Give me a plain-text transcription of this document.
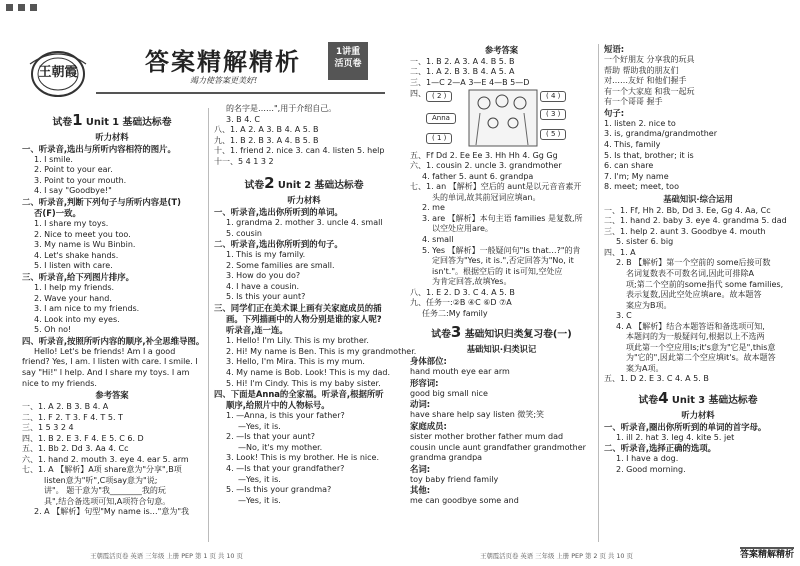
王朝霞	答案精解精析
竭力使答案更美好!
1讲重
活页卷
试卷1 Unit 1 基础达标卷
听力材料
一、听录音,选出与所听内容相符的图片。
1. I smile.
2. Point to your ear.
3. Point to your mouth.
4. I say "Goodbye!"
二、听录音,判断下列句子与所听内容是(T)
否(F)一致。
1. I share my toys.
2. Nice to meet you too.
3. My name is Wu Binbin.
4. Let's shake hands.
5. I listen with care.
三、听录音,给下列图片排序。
1. I help my friends.
2. Wave your hand.
3. I am nice to my friends.
4. Look into my eyes.
5. Oh no!
四、听录音,按照所听内容的顺序,补全思维导图。
Hello! Let's be friends! Am I a good
friend? Yes, I am. I listen with care. I smile. I
say "Hi!" I help. And I share my toys. I am
nice to my friends.
参考答案
一、1. A 2. B 3. B 4. A
二、1. F 2. T 3. F 4. T 5. T
三、1 5 3 2 4
四、1. B 2. E 3. F 4. E 5. C 6. D
五、1. Bb 2. Dd 3. Aa 4. Cc
六、1. hand 2. mouth 3. eye 4. ear 5. arm
七、1. A 【解析】A项 share意为"分享",B项
listen意为"听",C项say意为"说;
讲"。 题干意为"我________我的玩
具",结合备选项可知,A项符合句意。
2. A 【解析】句型"My name is…"意为"我
的名字是……",用于介绍自己。
3. B 4. C
八、1. A 2. A 3. B 4. A 5. B
九、1. B 2. B 3. A 4. B 5. B
十、1. friend 2. nice 3. can 4. listen 5. help
十一、5 4 1 3 2
试卷2 Unit 2 基础达标卷
听力材料
一、听录音,选出你所听到的单词。
1. grandma 2. mother 3. uncle 4. small
5. cousin
二、听录音,选出你所听到的句子。
1. This is my family.
2. Some families are small.
3. How do you do?
4. I have a cousin.
5. Is this your aunt?
三、同学们正在美术课上画有关家庭成员的插
画。下列描画中的人物分别是谁的家人呢?
听录音,连一连。
1. Hello! I'm Lily. This is my brother.
2. Hi! My name is Ben. This is my grandmother.
3. Hello, I'm Mira. This is my mum.
4. My name is Bob. Look! This is my dad.
5. Hi! I'm Cindy. This is my baby sister.
四、下面是Anna的全家福。听录音,根据所听
顺序,给照片中的人物标号。
1. —Anna, is this your father?
—Yes, it is.
2. —Is that your aunt?
—No, it's my mother.
3. Look! This is my brother. He is nice.
4. —Is that your grandfather?
—Yes, it is.
5. —Is this your grandma?
—Yes, it is.
参考答案
一、1. B 2. A 3. A 4. B 5. B
二、1. A 2. B 3. B 4. A 5. A
三、1—C 2—A 3—E 4—B 5—D
四、 ( 2 )	( 4 )
( 3 )
( 5 )
Anna
( 1 )
五、Ff Dd 2. Ee Ee 3. Hh Hh 4. Gg Gg
六、1. cousin 2. uncle 3. grandmother
4. father 5. aunt 6. grandpa
七、1. an 【解析】空后的 aunt是以元音音素开
头的单词,故其前冠词应填an。
2. me
3. are 【解析】本句主语 families 是复数,所
以空处应用are。
4. small
5. Yes 【解析】一般疑问句"Is that…?"的肯
定回答为"Yes, it is.",否定回答为"No, it
isn't."。根据空后的 it is可知,空处应
为肯定回答,故填Yes。
八、1. E 2. D 3. C 4. A 5. B
九、任务一:②B ④C ⑥D ⑦A
任务二:My family
试卷3 基础知识归类复习卷(一)
基础知识·归类识记
身体部位:
hand mouth eye ear arm
形容词:
good big small nice
动词:
have share help say listen 微笑;笑
家庭成员:
sister mother brother father mum dad cousin uncle aunt grandfather grandmother grandma grandpa
名词:
toy baby friend family
其他:
me can goodbye some and
短语:
一个好朋友 分享我的玩具
帮助 帮助我的朋友们
对……友好 和他们握手
有一个大家庭 和我一起玩
有一个哥哥 握手
句子:
1. listen 2. nice to
3. is, grandma/grandmother
4. This, family
5. Is that, brother; it is
6. can share
7. I'm; My name
8. meet; meet, too
基础知识·综合运用
一、1. Ff, Hh 2. Bb, Dd 3. Ee, Gg 4. Aa, Cc
二、1. hand 2. baby 3. eye 4. grandma 5. dad
三、1. help 2. aunt 3. Goodbye 4. mouth
5. sister 6. big
四、1. A
2. B 【解析】第一个空前的 some后接可数
名词复数表不可数名词,因此可排除A
项;第二个空前的some指代 some families,
表示复数,因此空处应填are。故本题答
案应为B项。
3. C
4. A 【解析】结合本题答语和备选项可知,
本题问的为一般疑问句,根据以上不选两
项此第一个空应用Is;it's意为"它是",this意
为"它的",因此第二个空应填it's。故本题答
案为A项。
五、1. D 2. E 3. C 4. A 5. B
试卷4 Unit 3 基础达标卷
听力材料
一、听录音,圈出你所听到的单词的首字母。
1. ill 2. hat 3. leg 4. kite 5. jet
二、听录音,选择正确的选项。
1. I have a dog.
2. Good morning.
王朝霞活页卷 英语 三年级 上册 PEP 第 1 页 共 10 页	王朝霞活页卷 英语 三年级 上册 PEP 第 2 页 共 10 页	答案精解精析
